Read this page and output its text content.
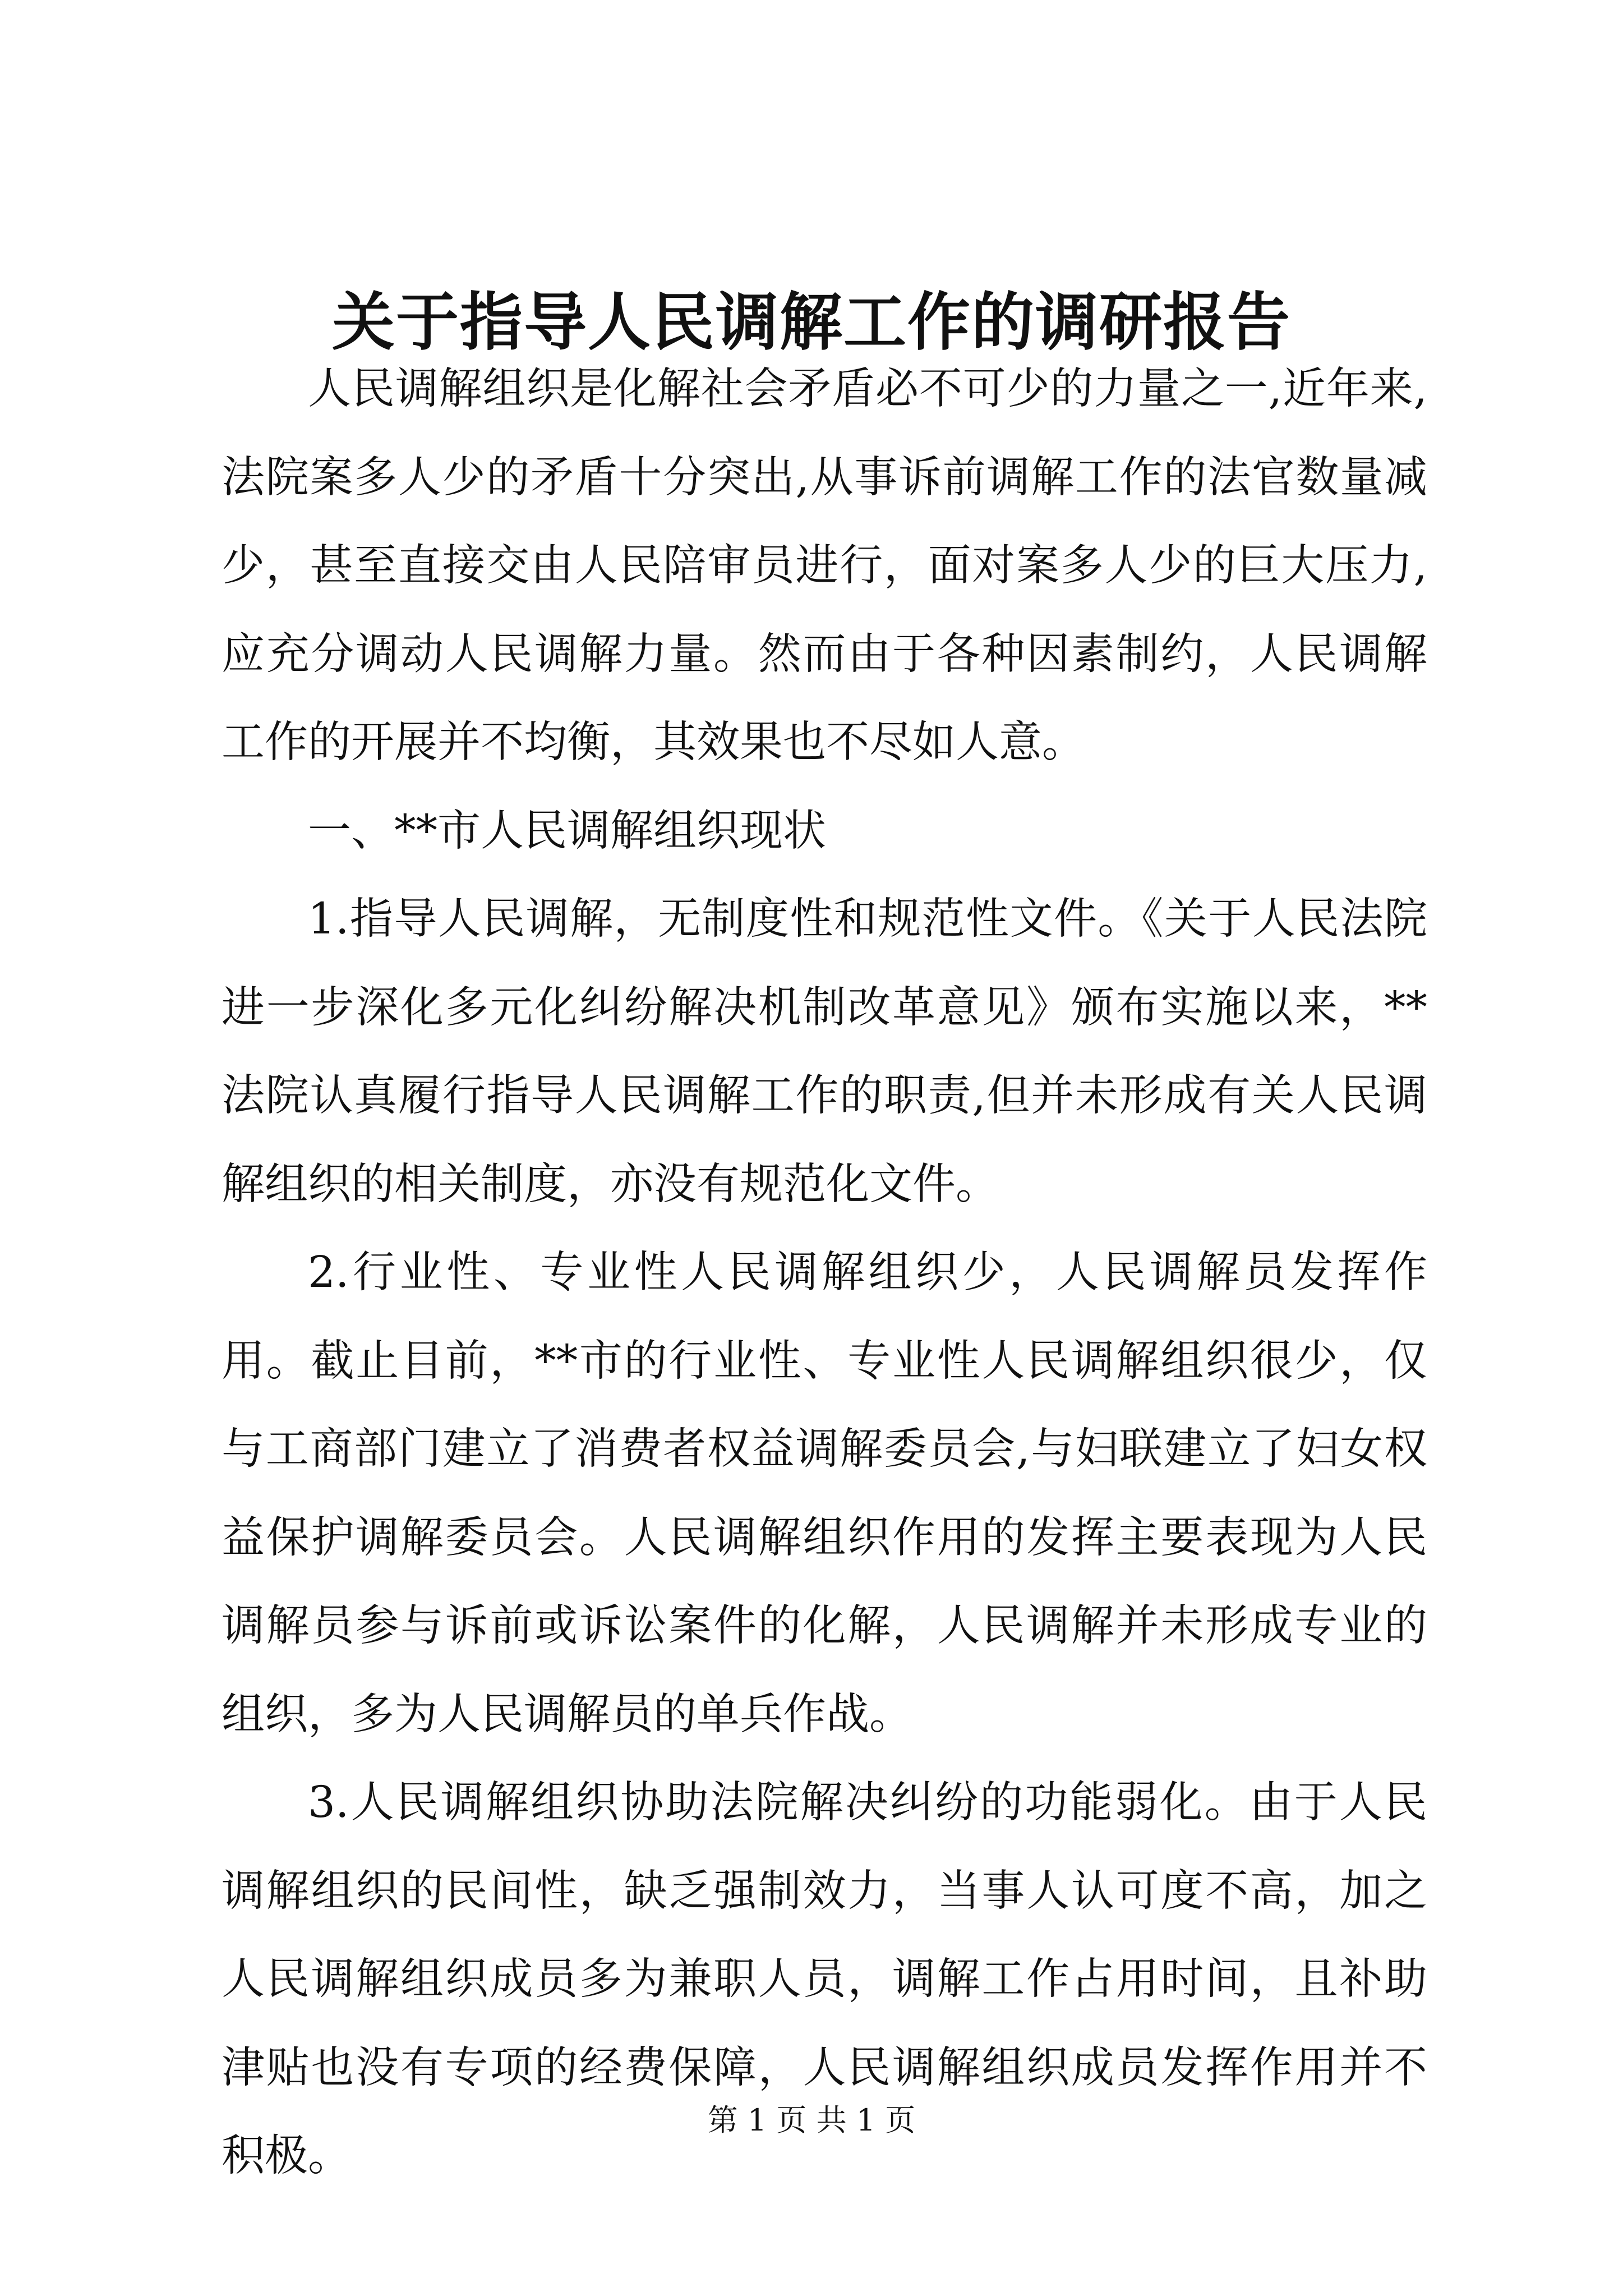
关于指导人民调解工作的调研报告

人民调解组织是化解社会矛盾必不可少的力量之一,近年来,法院案多人少的矛盾十分突出,从事诉前调解工作的法官数量减少，甚至直接交由人民陪审员进行，面对案多人少的巨大压力,应充分调动人民调解力量。然而由于各种因素制约，人民调解工作的开展并不均衡，其效果也不尽如人意。

一、**市人民调解组织现状

1.指导人民调解，无制度性和规范性文件。《关于人民法院进一步深化多元化纠纷解决机制改革意见》颁布实施以来，**法院认真履行指导人民调解工作的职责,但并未形成有关人民调解组织的相关制度，亦没有规范化文件。

2.行业性、专业性人民调解组织少，人民调解员发挥作用。截止目前，**市的行业性、专业性人民调解组织很少，仅与工商部门建立了消费者权益调解委员会,与妇联建立了妇女权益保护调解委员会。人民调解组织作用的发挥主要表现为人民调解员参与诉前或诉讼案件的化解，人民调解并未形成专业的组织，多为人民调解员的单兵作战。

3.人民调解组织协助法院解决纠纷的功能弱化。由于人民调解组织的民间性，缺乏强制效力，当事人认可度不高，加之人民调解组织成员多为兼职人员，调解工作占用时间，且补助津贴也没有专项的经费保障，人民调解组织成员发挥作用并不积极。

第 1 页 共 1 页
